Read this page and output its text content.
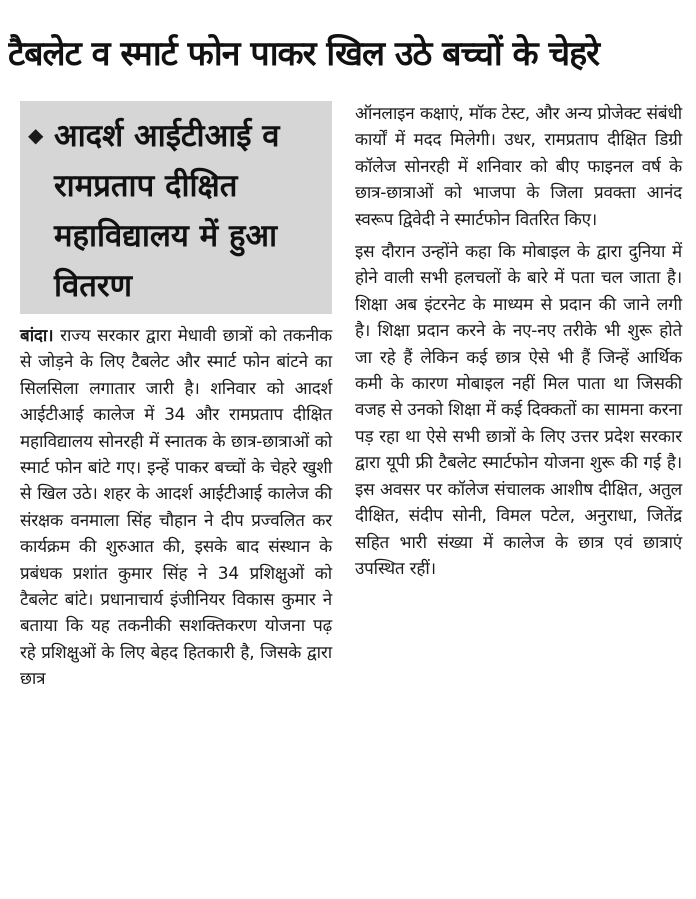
टैबलेट व स्मार्ट फोन पाकर खिल उठे बच्चों के चेहरे
◆ आदर्श आईटीआई व रामप्रताप दीक्षित महाविद्यालय में हुआ वितरण

बांदा। राज्य सरकार द्वारा मेधावी छात्रों को तकनीक से जोड़ने के लिए टैबलेट और स्मार्ट फोन बांटने का सिलसिला लगातार जारी है। शनिवार को आदर्श आईटीआई कालेज में 34 और रामप्रताप दीक्षित महाविद्यालय सोनरही में स्नातक के छात्र-छात्राओं को स्मार्ट फोन बांटे गए। इन्हें पाकर बच्चों के चेहरे खुशी से खिल उठे। शहर के आदर्श आईटीआई कालेज की संरक्षक वनमाला सिंह चौहान ने दीप प्रज्वलित कर कार्यक्रम की शुरुआत की, इसके बाद संस्थान के प्रबंधक प्रशांत कुमार सिंह ने 34 प्रशिक्षुओं को टैबलेट बांटे। प्रधानाचार्य इंजीनियर विकास कुमार ने बताया कि यह तकनीकी सशक्तिकरण योजना पढ़ रहे प्रशिक्षुओं के लिए बेहद हितकारी है, जिसके द्वारा छात्र

ऑनलाइन कक्षाएं, मॉक टेस्ट, और अन्य प्रोजेक्ट संबंधी कार्यों में मदद मिलेगी। उधर, रामप्रताप दीक्षित डिग्री कॉलेज सोनरही में शनिवार को बीए फाइनल वर्ष के छात्र-छात्राओं को भाजपा के जिला प्रवक्ता आनंद स्वरूप द्विवेदी ने स्मार्टफोन वितरित किए।

इस दौरान उन्होंने कहा कि मोबाइल के द्वारा दुनिया में होने वाली सभी हलचलों के बारे में पता चल जाता है। शिक्षा अब इंटरनेट के माध्यम से प्रदान की जाने लगी है। शिक्षा प्रदान करने के नए-नए तरीके भी शुरू होते जा रहे हैं लेकिन कई छात्र ऐसे भी हैं जिन्हें आर्थिक कमी के कारण मोबाइल नहीं मिल पाता था जिसकी वजह से उनको शिक्षा में कई दिक्कतों का सामना करना पड़ रहा था ऐसे सभी छात्रों के लिए उत्तर प्रदेश सरकार द्वारा यूपी फ्री टैबलेट स्मार्टफोन योजना शुरू की गई है। इस अवसर पर कॉलेज संचालक आशीष दीक्षित, अतुल दीक्षित, संदीप सोनी, विमल पटेल, अनुराधा, जितेंद्र सहित भारी संख्या में कालेज के छात्र एवं छात्राएं उपस्थित रहीं।
